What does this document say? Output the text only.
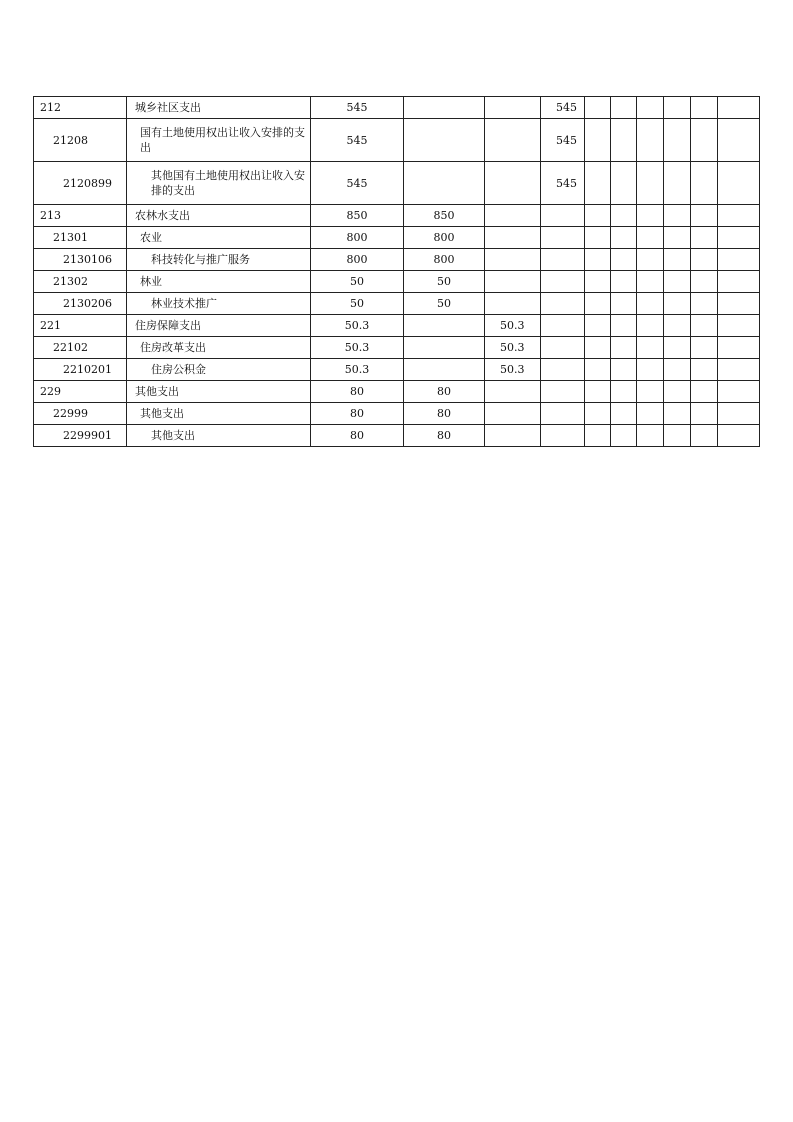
212	城乡社区支出	545			545						
21208	国有土地使用权出让收入安排的支出	545			545						
2120899	其他国有土地使用权出让收入安排的支出	545			545						
213	农林水支出	850	850								
21301	农业	800	800								
2130106	科技转化与推广服务	800	800								
21302	林业	50	50								
2130206	林业技术推广	50	50								
221	住房保障支出	50.3		50.3							
22102	住房改革支出	50.3		50.3							
2210201	住房公积金	50.3		50.3							
229	其他支出	80	80								
22999	其他支出	80	80								
2299901	其他支出	80	80								
